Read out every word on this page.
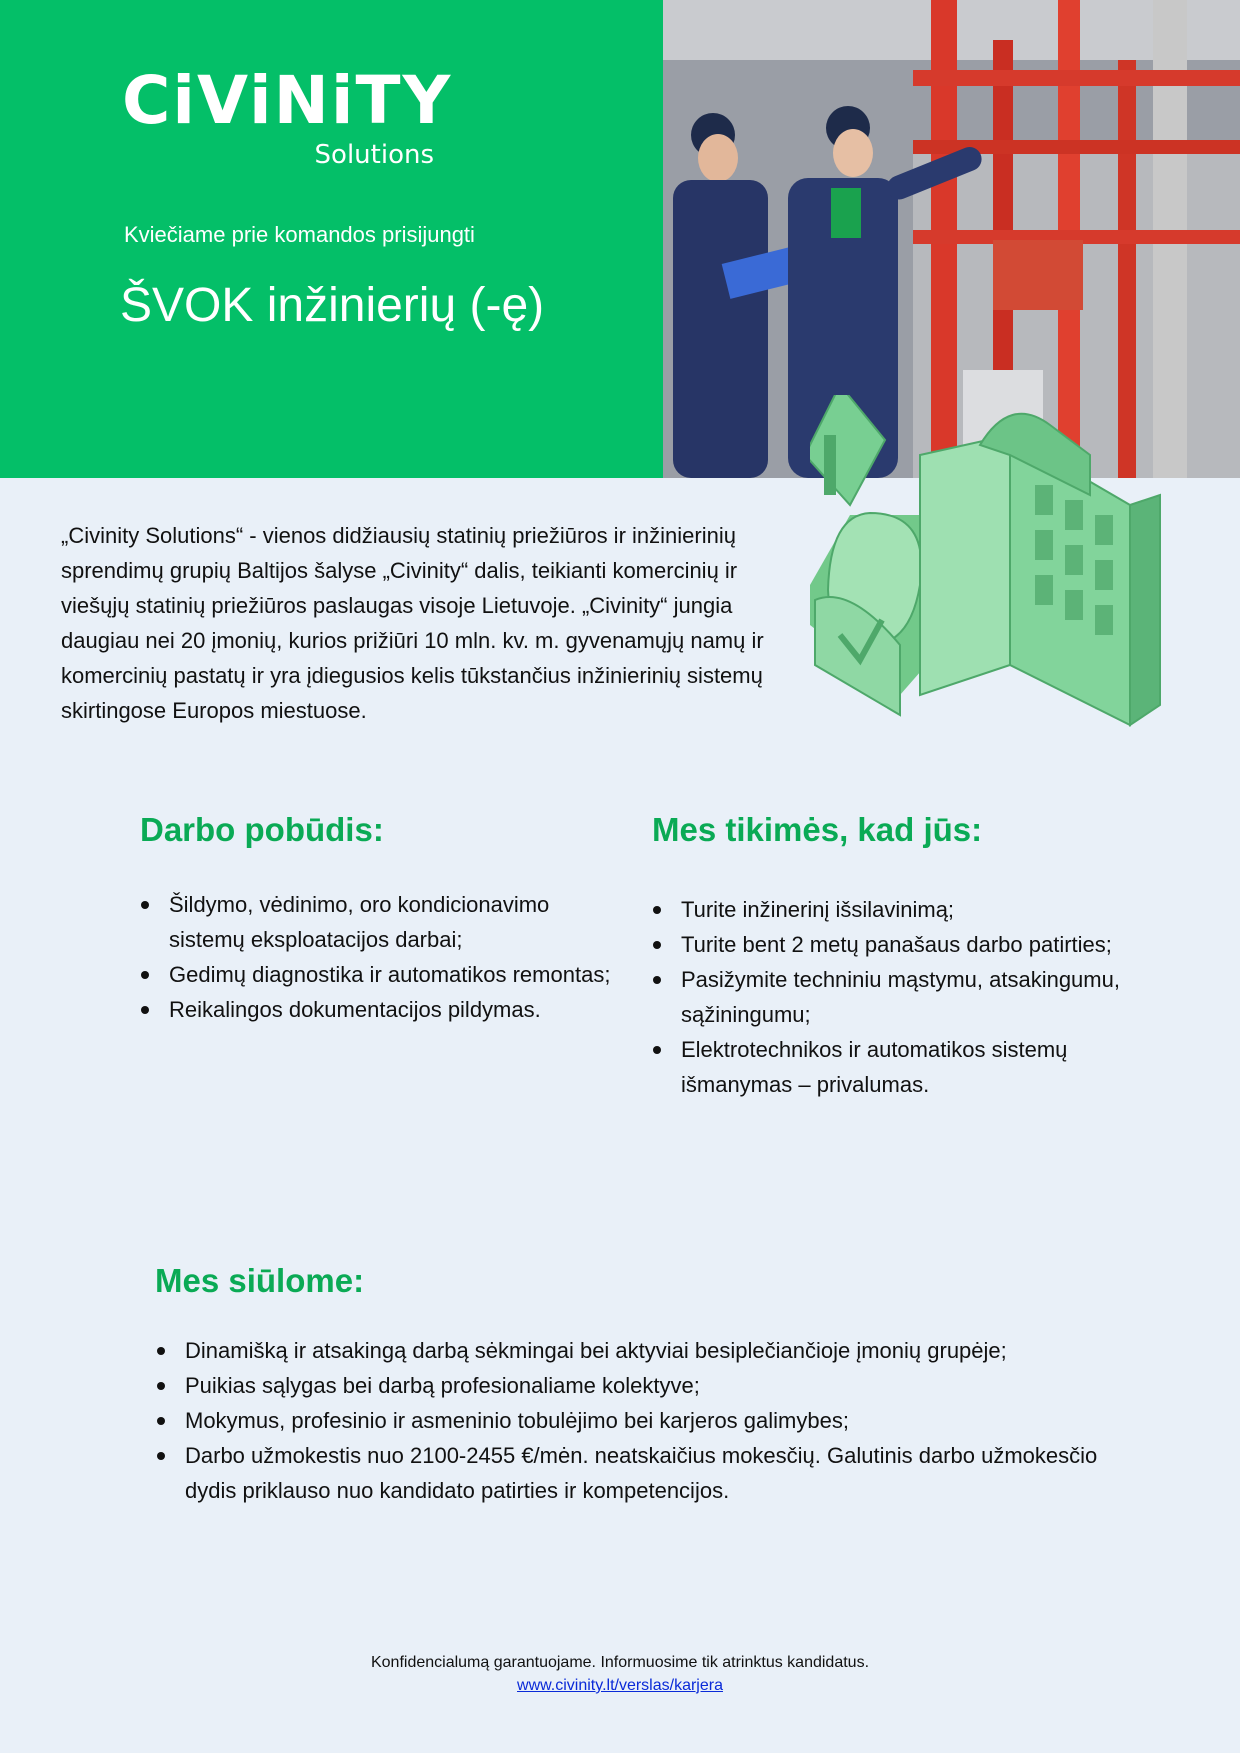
CiViNiTY
Solutions
Kviečiame prie komandos prisijungti
ŠVOK inžinierių (-ę)

„Civinity Solutions“ - vienos didžiausių statinių priežiūros ir inžinierinių sprendimų grupių Baltijos šalyse „Civinity“ dalis, teikianti komercinių ir viešųjų statinių priežiūros paslaugas visoje Lietuvoje. „Civinity“ jungia daugiau nei 20 įmonių, kurios prižiūri 10 mln. kv. m. gyvenamųjų namų ir komercinių pastatų ir yra įdiegusios kelis tūkstančius inžinierinių sistemų skirtingose Europos miestuose.

Darbo pobūdis:
Šildymo, vėdinimo, oro kondicionavimo sistemų eksploatacijos darbai;
Gedimų diagnostika ir automatikos remontas;
Reikalingos dokumentacijos pildymas.
Mes tikimės, kad jūs:
Turite inžinerinį išsilavinimą;
Turite bent 2 metų panašaus darbo patirties;
Pasižymite techniniu mąstymu, atsakingumu, sąžiningumu;
Elektrotechnikos ir automatikos sistemų išmanymas – privalumas.
Mes siūlome:
Dinamišką ir atsakingą darbą sėkmingai bei aktyviai besiplečiančioje įmonių grupėje;
Puikias sąlygas bei darbą profesionaliame kolektyve;
Mokymus, profesinio ir asmeninio tobulėjimo bei karjeros galimybes;
Darbo užmokestis nuo 2100-2455 €/mėn. neatskaičius mokesčių. Galutinis darbo užmokesčio dydis priklauso nuo kandidato patirties ir kompetencijos.
Konfidencialumą garantuojame. Informuosime tik atrinktus kandidatus.
www.civinity.lt/verslas/karjera
